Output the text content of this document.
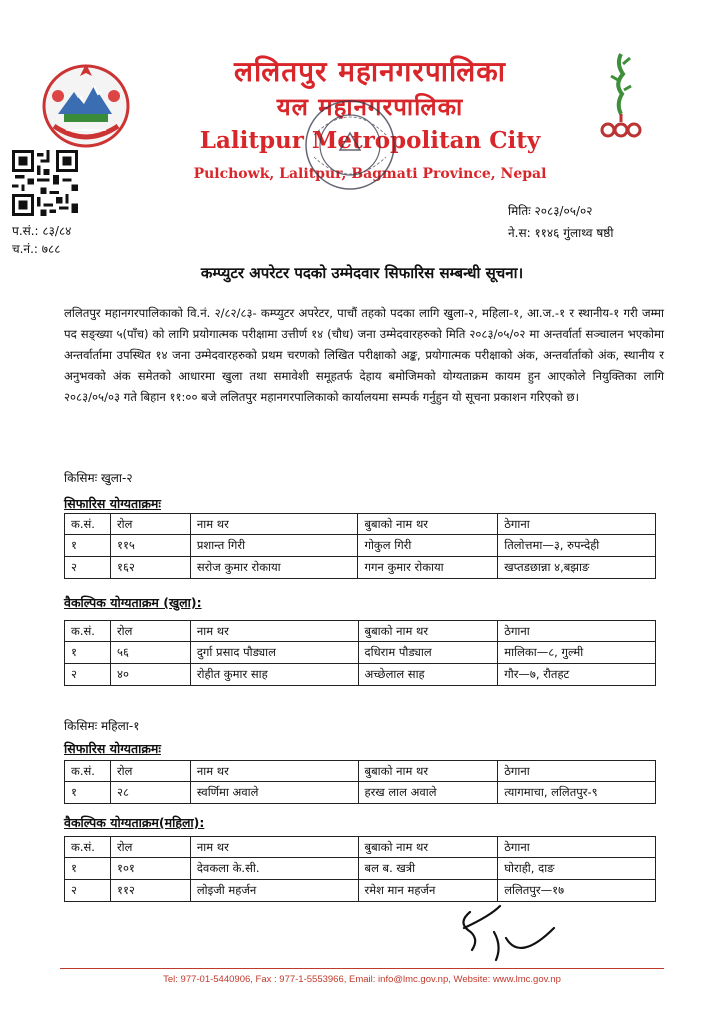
ललितपुर महानगरपालिका
यल महानगरपालिका
Lalitpur Metropolitan City
Pulchowk, Lalitpur, Bagmati Province, Nepal
प.सं.: ८३/८४
च.नं.: ७८८
मितिः २०८३/०५/०२
ने.स: ११४६ गुंलाथ्व षष्ठी
कम्प्युटर अपरेटर पदको उम्मेदवार सिफारिस सम्बन्धी सूचना।
ललितपुर महानगरपालिकाको वि.नं. २/८२/८३- कम्प्युटर अपरेटर, पाचौं तहको पदका लागि खुला-२, महिला-१, आ.ज.-१ र स्थानीय-१ गरी जम्मा पद सङ्ख्या ५(पाँच) को लागि प्रयोगात्मक परीक्षामा उत्तीर्ण १४ (चौध) जना उम्मेदवारहरुको मिति २०८३/०५/०२ मा अन्तर्वार्ता सञ्चालन भएकोमा अन्तर्वार्तामा उपस्थित १४ जना उम्मेदवारहरुको प्रथम चरणको लिखित परीक्षाको अङ्क, प्रयोगात्मक परीक्षाको अंक, अन्तर्वार्ताको अंक, स्थानीय र अनुभवको अंक समेतको आधारमा खुला तथा समावेशी समूहतर्फ देहाय बमोजिमको योग्यताक्रम कायम हुन आएकोले नियुक्तिका लागि २०८३/०५/०३ गते बिहान ११:०० बजे ललितपुर महानगरपालिकाको कार्यालयमा सम्पर्क गर्नुहुन यो सूचना प्रकाशन गरिएको छ।
किसिमः खुला-२
सिफारिस योग्यताक्रमः
क.सं.	रोल	नाम थर	बुबाको नाम थर	ठेगाना
१	११५	प्रशान्त गिरी	गोकुल गिरी	तिलोत्तमा—३, रुपन्देही
२	१६२	सरोज कुमार रोकाया	गगन कुमार रोकाया	खप्तडछान्ना ४,बझाङ
वैकल्पिक योग्यताक्रम (खुला):
क.सं.	रोल	नाम थर	बुबाको नाम थर	ठेगाना
१	५६	दुर्गा प्रसाद पौड्याल	दधिराम पौड्याल	मालिका—८, गुल्मी
२	४०	रोहीत कुमार साह	अच्छेलाल साह	गौर—७, रौतहट
किसिमः महिला-१
सिफारिस योग्यताक्रमः
क.सं.	रोल	नाम थर	बुबाको नाम थर	ठेगाना
१	२८	स्वर्णिमा अवाले	हरख लाल अवाले	त्यागमाचा, ललितपुर-९
वैकल्पिक योग्यताक्रम(महिला):
क.सं.	रोल	नाम थर	बुबाको नाम थर	ठेगाना
१	१०१	देवकला के.सी.	बल ब. खत्री	घोराही, दाङ
२	११२	लोइजी महर्जन	रमेश मान महर्जन	ललितपुर—१७
Tel: 977-01-5440906, Fax : 977-1-5553966, Email: info@lmc.gov.np, Website: www.lmc.gov.np
